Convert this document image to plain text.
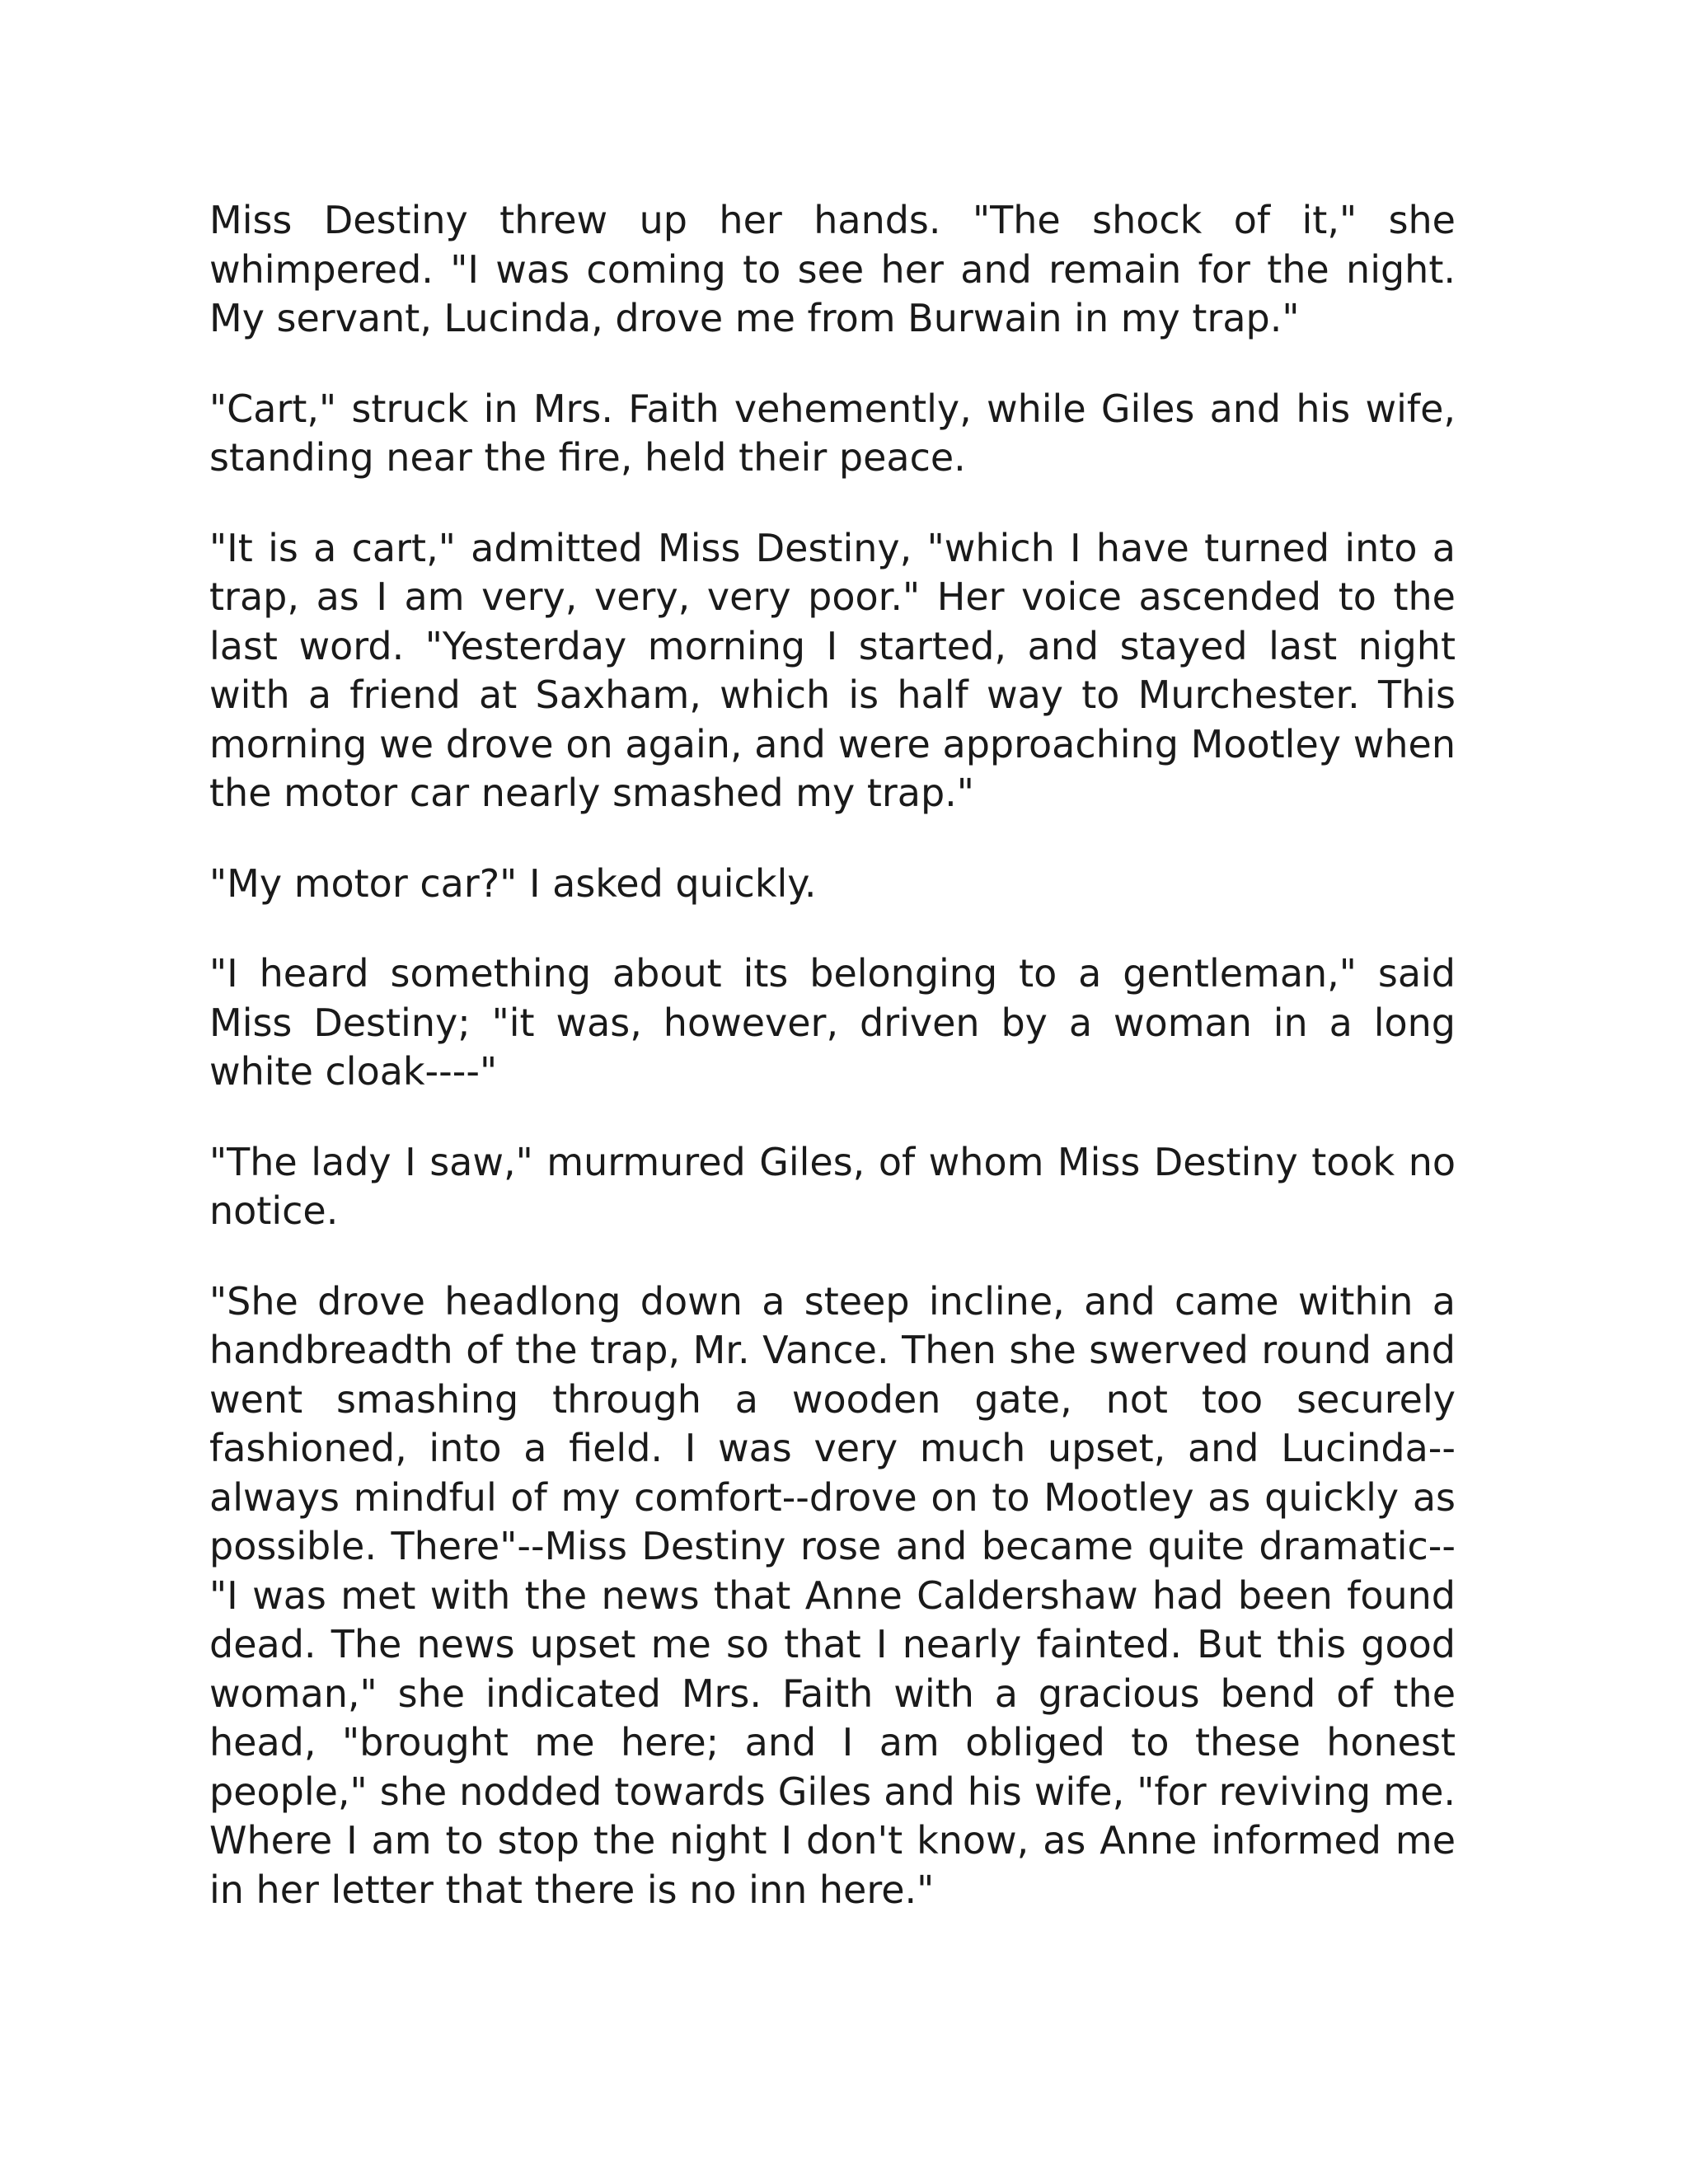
Miss Destiny threw up her hands. "The shock of it," she whimpered. "I was coming to see her and remain for the night. My servant, Lucinda, drove me from Burwain in my trap."

"Cart," struck in Mrs. Faith vehemently, while Giles and his wife, standing near the fire, held their peace.

"It is a cart," admitted Miss Destiny, "which I have turned into a trap, as I am very, very, very poor." Her voice ascended to the last word. "Yesterday morning I started, and stayed last night with a friend at Saxham, which is half way to Murchester. This morning we drove on again, and were approaching Mootley when the motor car nearly smashed my trap."

"My motor car?" I asked quickly.

"I heard something about its belonging to a gentleman," said Miss Destiny; "it was, however, driven by a woman in a long white cloak----"

"The lady I saw," murmured Giles, of whom Miss Destiny took no notice.

"She drove headlong down a steep incline, and came within a handbreadth of the trap, Mr. Vance. Then she swerved round and went smashing through a wooden gate, not too securely fashioned, into a field. I was very much upset, and Lucinda--always mindful of my comfort--drove on to Mootley as quickly as possible. There"--Miss Destiny rose and became quite dramatic--"I was met with the news that Anne Caldershaw had been found dead. The news upset me so that I nearly fainted. But this good woman," she indicated Mrs. Faith with a gracious bend of the head, "brought me here; and I am obliged to these honest people," she nodded towards Giles and his wife, "for reviving me. Where I am to stop the night I don't know, as Anne informed me in her letter that there is no inn here."
